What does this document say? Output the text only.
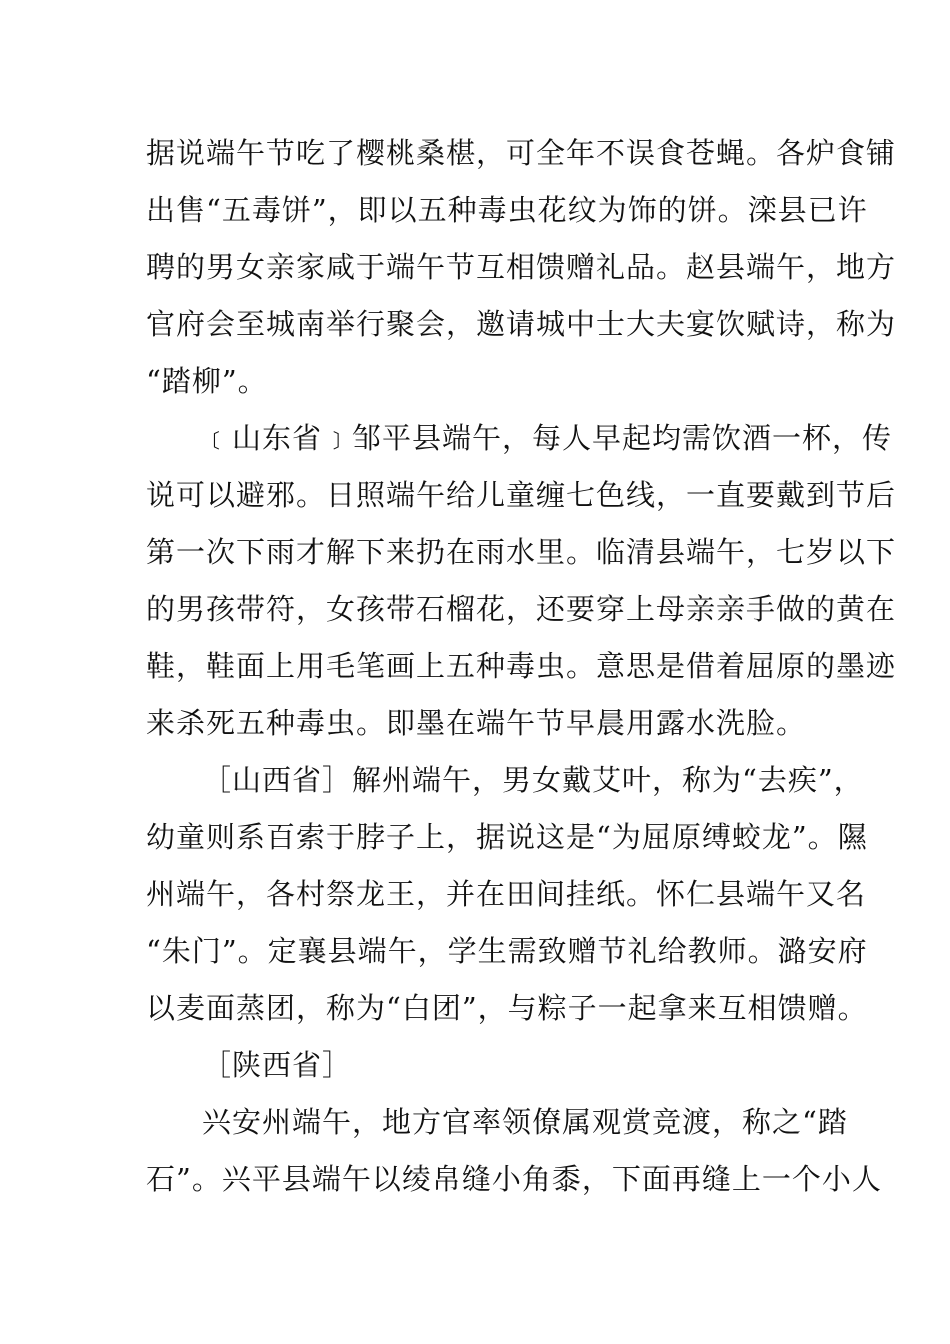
据说端午节吃了樱桃桑椹，可全年不误食苍蝇。各炉食铺
出售“五毒饼”，即以五种毒虫花纹为饰的饼。滦县已许
聘的男女亲家咸于端午节互相馈赠礼品。赵县端午，地方
官府会至城南举行聚会，邀请城中士大夫宴饮赋诗，称为
“踏柳”。
﹝山东省﹞邹平县端午，每人早起均需饮酒一杯，传
说可以避邪。日照端午给儿童缠七色线，一直要戴到节后
第一次下雨才解下来扔在雨水里。临清县端午，七岁以下
的男孩带符，女孩带石榴花，还要穿上母亲亲手做的黄在
鞋，鞋面上用毛笔画上五种毒虫。意思是借着屈原的墨迹
来杀死五种毒虫。即墨在端午节早晨用露水洗脸。
［山西省］解州端午，男女戴艾叶，称为“去疾”，
幼童则系百索于脖子上，据说这是“为屈原缚蛟龙”。隰
州端午，各村祭龙王，并在田间挂纸。怀仁县端午又名
“朱门”。定襄县端午，学生需致赠节礼给教师。潞安府
以麦面蒸团，称为“白团”，与粽子一起拿来互相馈赠。
［陕西省］
兴安州端午，地方官率领僚属观赏竞渡，称之“踏
石”。兴平县端午以绫帛缝小角黍，下面再缝上一个小人
